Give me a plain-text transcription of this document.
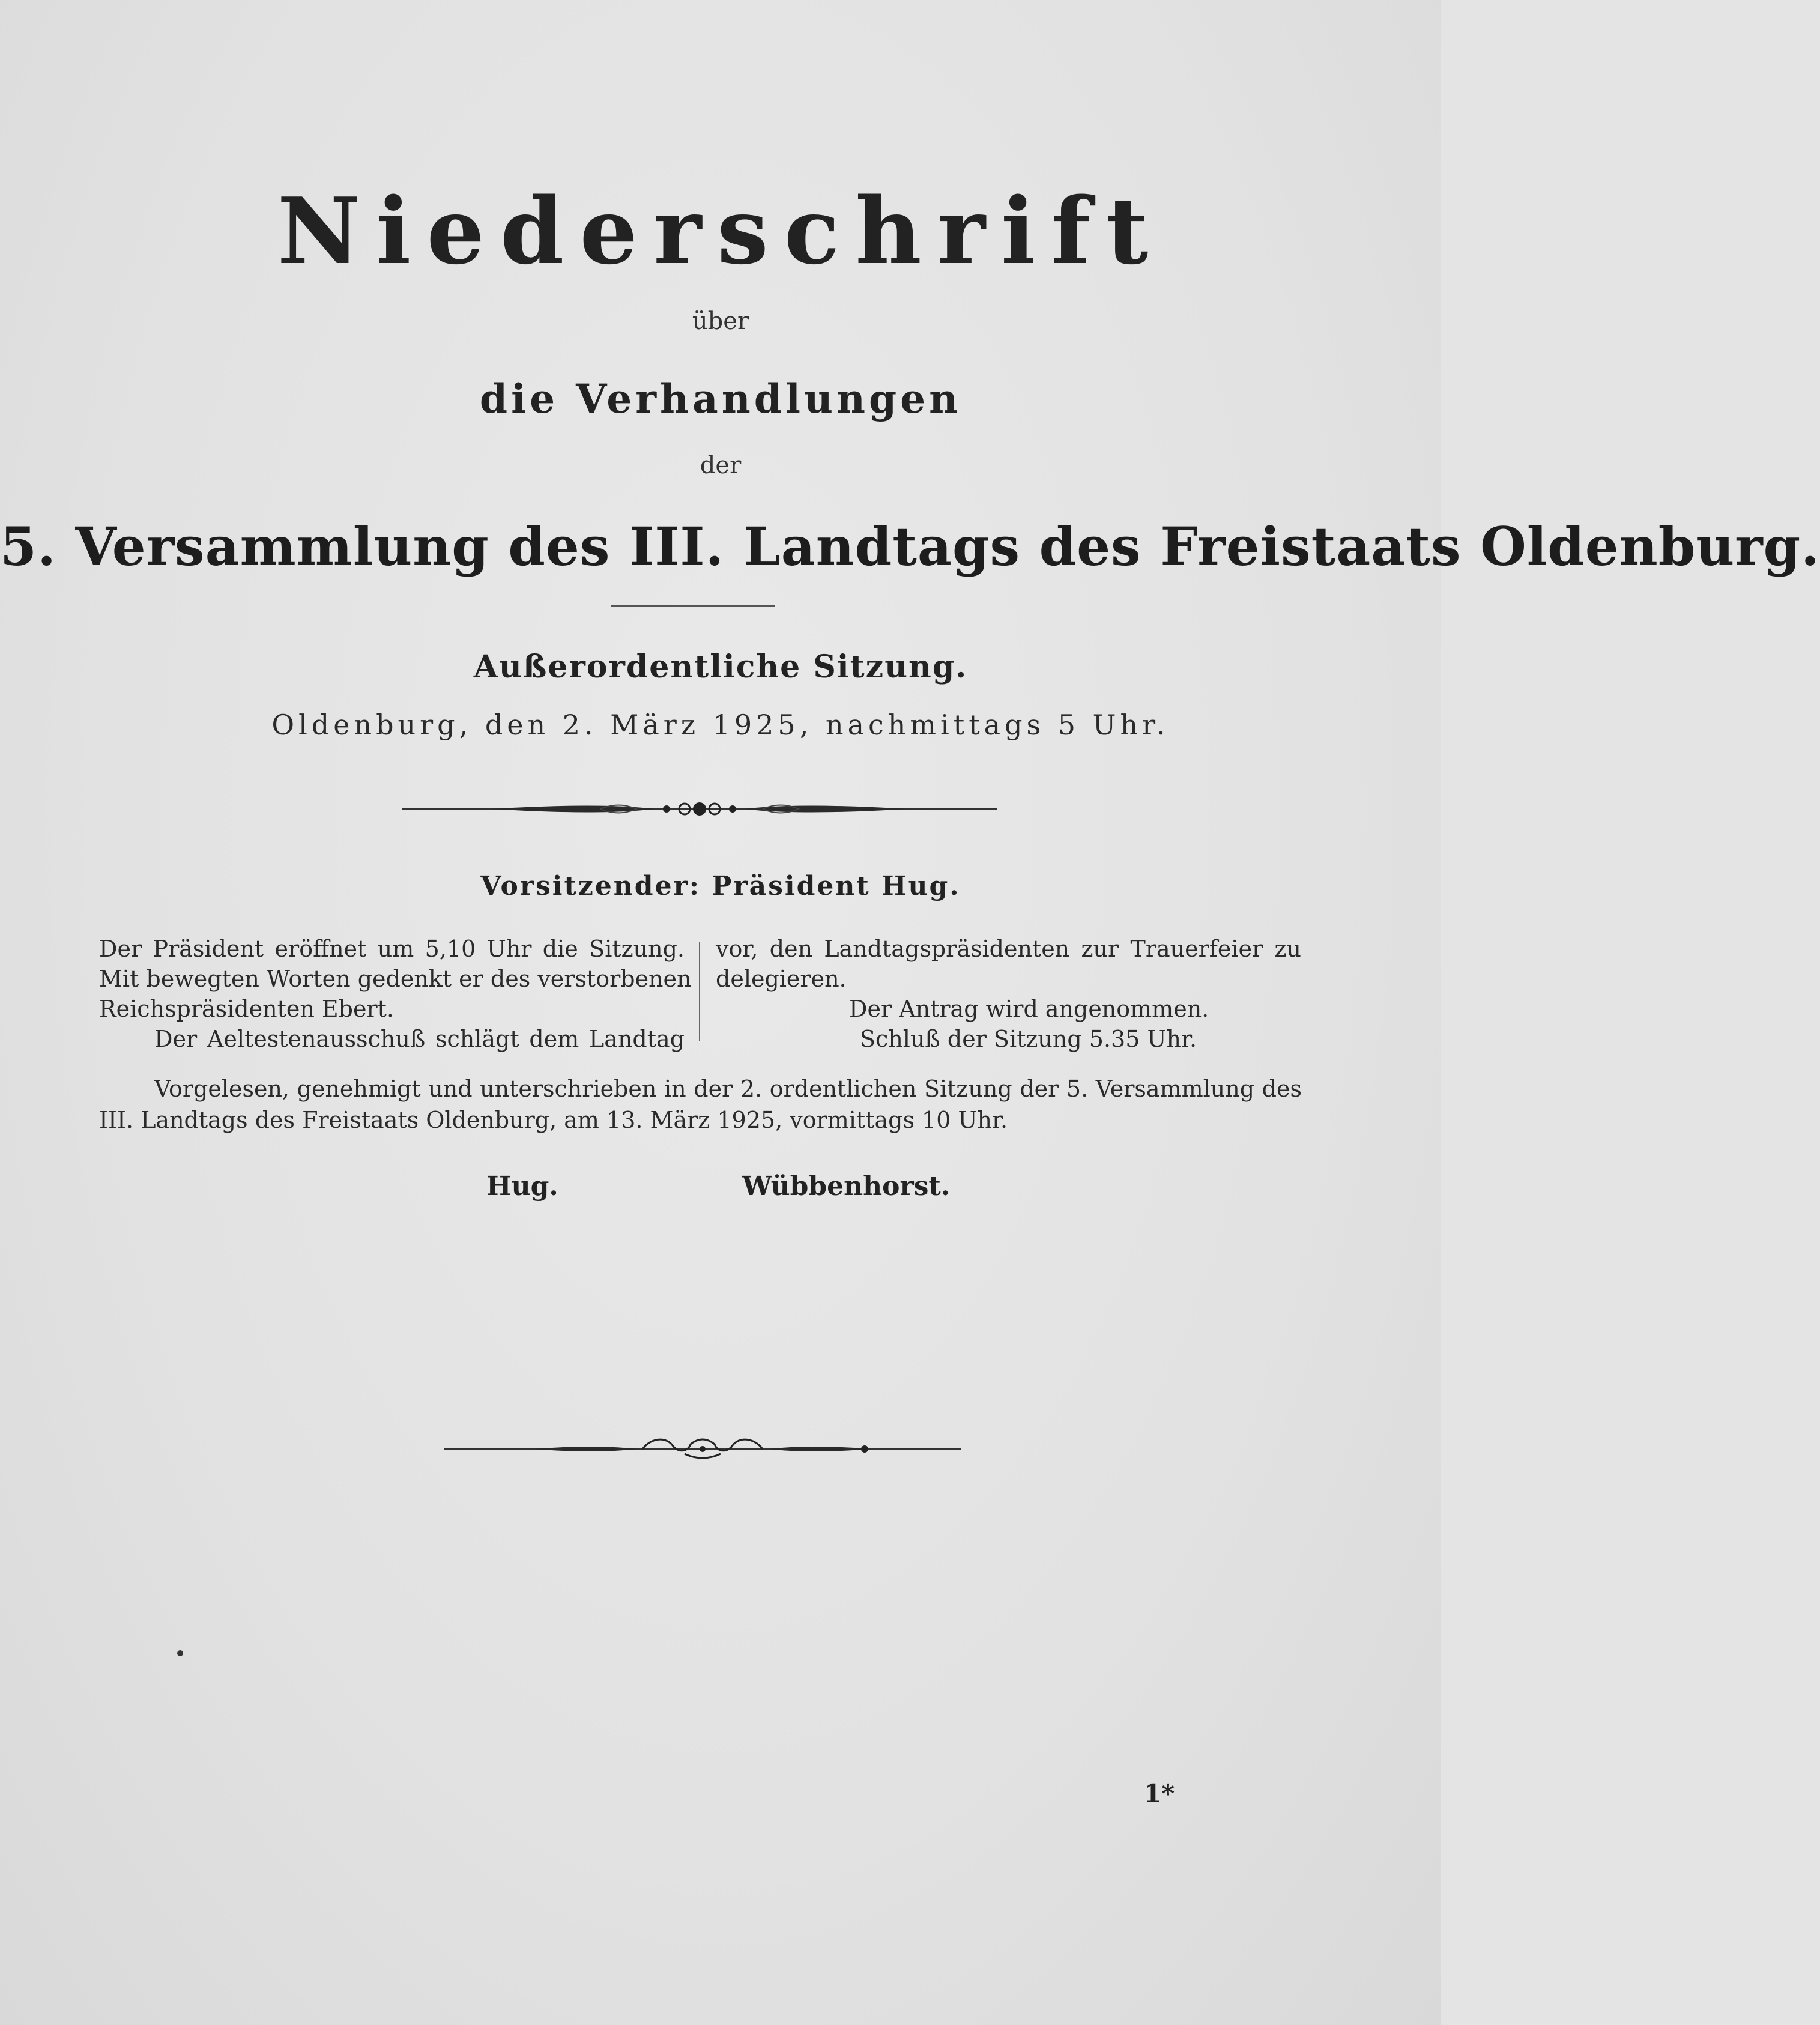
Niederschrift
über
die Verhandlungen
der
5. Versammlung des III. Landtags des Freistaats Oldenburg.
Außerordentliche Sitzung.
Oldenburg, den 2. März 1925, nachmittags 5 Uhr.
Vorsitzender: Präsident Hug.
Der Präsident eröffnet um 5,10 Uhr die Sitzung.
Mit bewegten Worten gedenkt er des verstorbenen
Reichspräsidenten Ebert.
Der Aeltestenausschuß schlägt dem Landtag
vor, den Landtagspräsidenten zur Trauerfeier zu
delegieren.
Der Antrag wird angenommen.
Schluß der Sitzung 5.35 Uhr.
Vorgelesen, genehmigt und unterschrieben in der 2. ordentlichen Sitzung der 5. Versammlung des
III. Landtags des Freistaats Oldenburg, am 13. März 1925, vormittags 10 Uhr.
Hug.	Wübbenhorst.
1*
